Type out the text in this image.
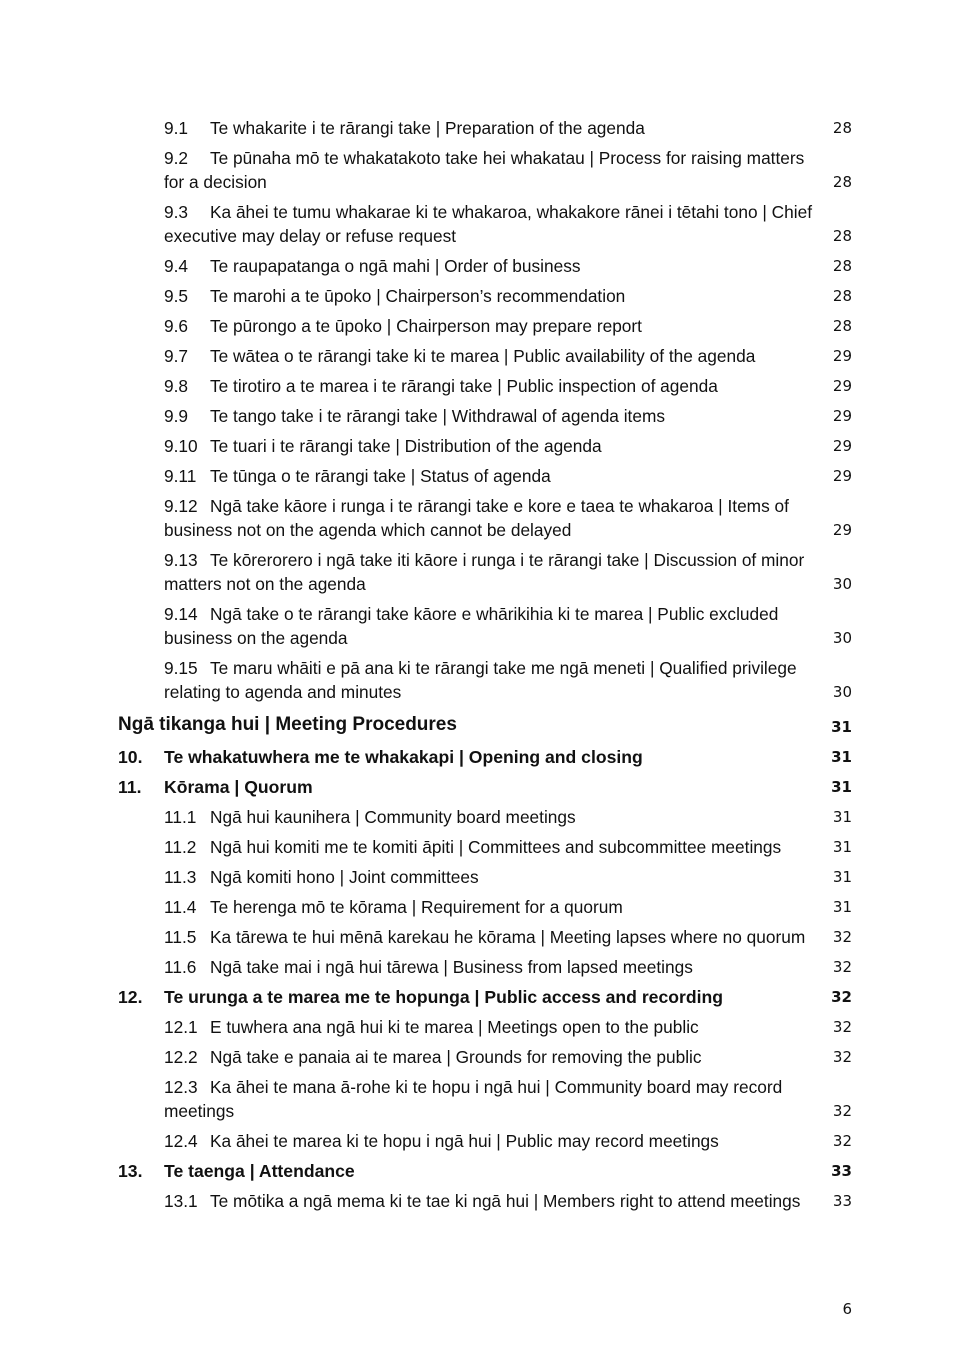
9.1 Te whakarite i te rārangi take | Preparation of the agenda	28
9.2 Te pūnaha mō te whakatakoto take hei whakatau | Process for raising matters
for a decision	28
9.3 Ka āhei te tumu whakarae ki te whakaroa, whakakore rānei i tētahi tono | Chief
executive may delay or refuse request	28
9.4 Te raupapatanga o ngā mahi | Order of business	28
9.5 Te marohi a te ūpoko | Chairperson’s recommendation	28
9.6 Te pūrongo a te ūpoko | Chairperson may prepare report	28
9.7 Te wātea o te rārangi take ki te marea | Public availability of the agenda	29
9.8 Te tirotiro a te marea i te rārangi take | Public inspection of agenda	29
9.9 Te tango take i te rārangi take | Withdrawal of agenda items	29
9.10 Te tuari i te rārangi take | Distribution of the agenda	29
9.11 Te tūnga o te rārangi take | Status of agenda	29
9.12 Ngā take kāore i runga i te rārangi take e kore e taea te whakaroa | Items of
business not on the agenda which cannot be delayed	29
9.13 Te kōrerorero i ngā take iti kāore i runga i te rārangi take | Discussion of minor
matters not on the agenda	30
9.14 Ngā take o te rārangi take kāore e whārikihia ki te marea | Public excluded
business on the agenda	30
9.15 Te maru whāiti e pā ana ki te rārangi take me ngā meneti | Qualified privilege
relating to agenda and minutes	30
Ngā tikanga hui | Meeting Procedures	31
10. Te whakatuwhera me te whakakapi | Opening and closing	31
11. Kōrama | Quorum	31
11.1 Ngā hui kaunihera | Community board meetings	31
11.2 Ngā hui komiti me te komiti āpiti | Committees and subcommittee meetings	31
11.3 Ngā komiti hono | Joint committees	31
11.4 Te herenga mō te kōrama | Requirement for a quorum	31
11.5 Ka tārewa te hui mēnā karekau he kōrama | Meeting lapses where no quorum	32
11.6 Ngā take mai i ngā hui tārewa | Business from lapsed meetings	32
12. Te urunga a te marea me te hopunga | Public access and recording	32
12.1 E tuwhera ana ngā hui ki te marea | Meetings open to the public	32
12.2 Ngā take e panaia ai te marea | Grounds for removing the public	32
12.3 Ka āhei te mana ā-rohe ki te hopu i ngā hui | Community board may record
meetings	32
12.4 Ka āhei te marea ki te hopu i ngā hui | Public may record meetings	32
13. Te taenga | Attendance	33
13.1 Te mōtika a ngā mema ki te tae ki ngā hui | Members right to attend meetings	33
6
